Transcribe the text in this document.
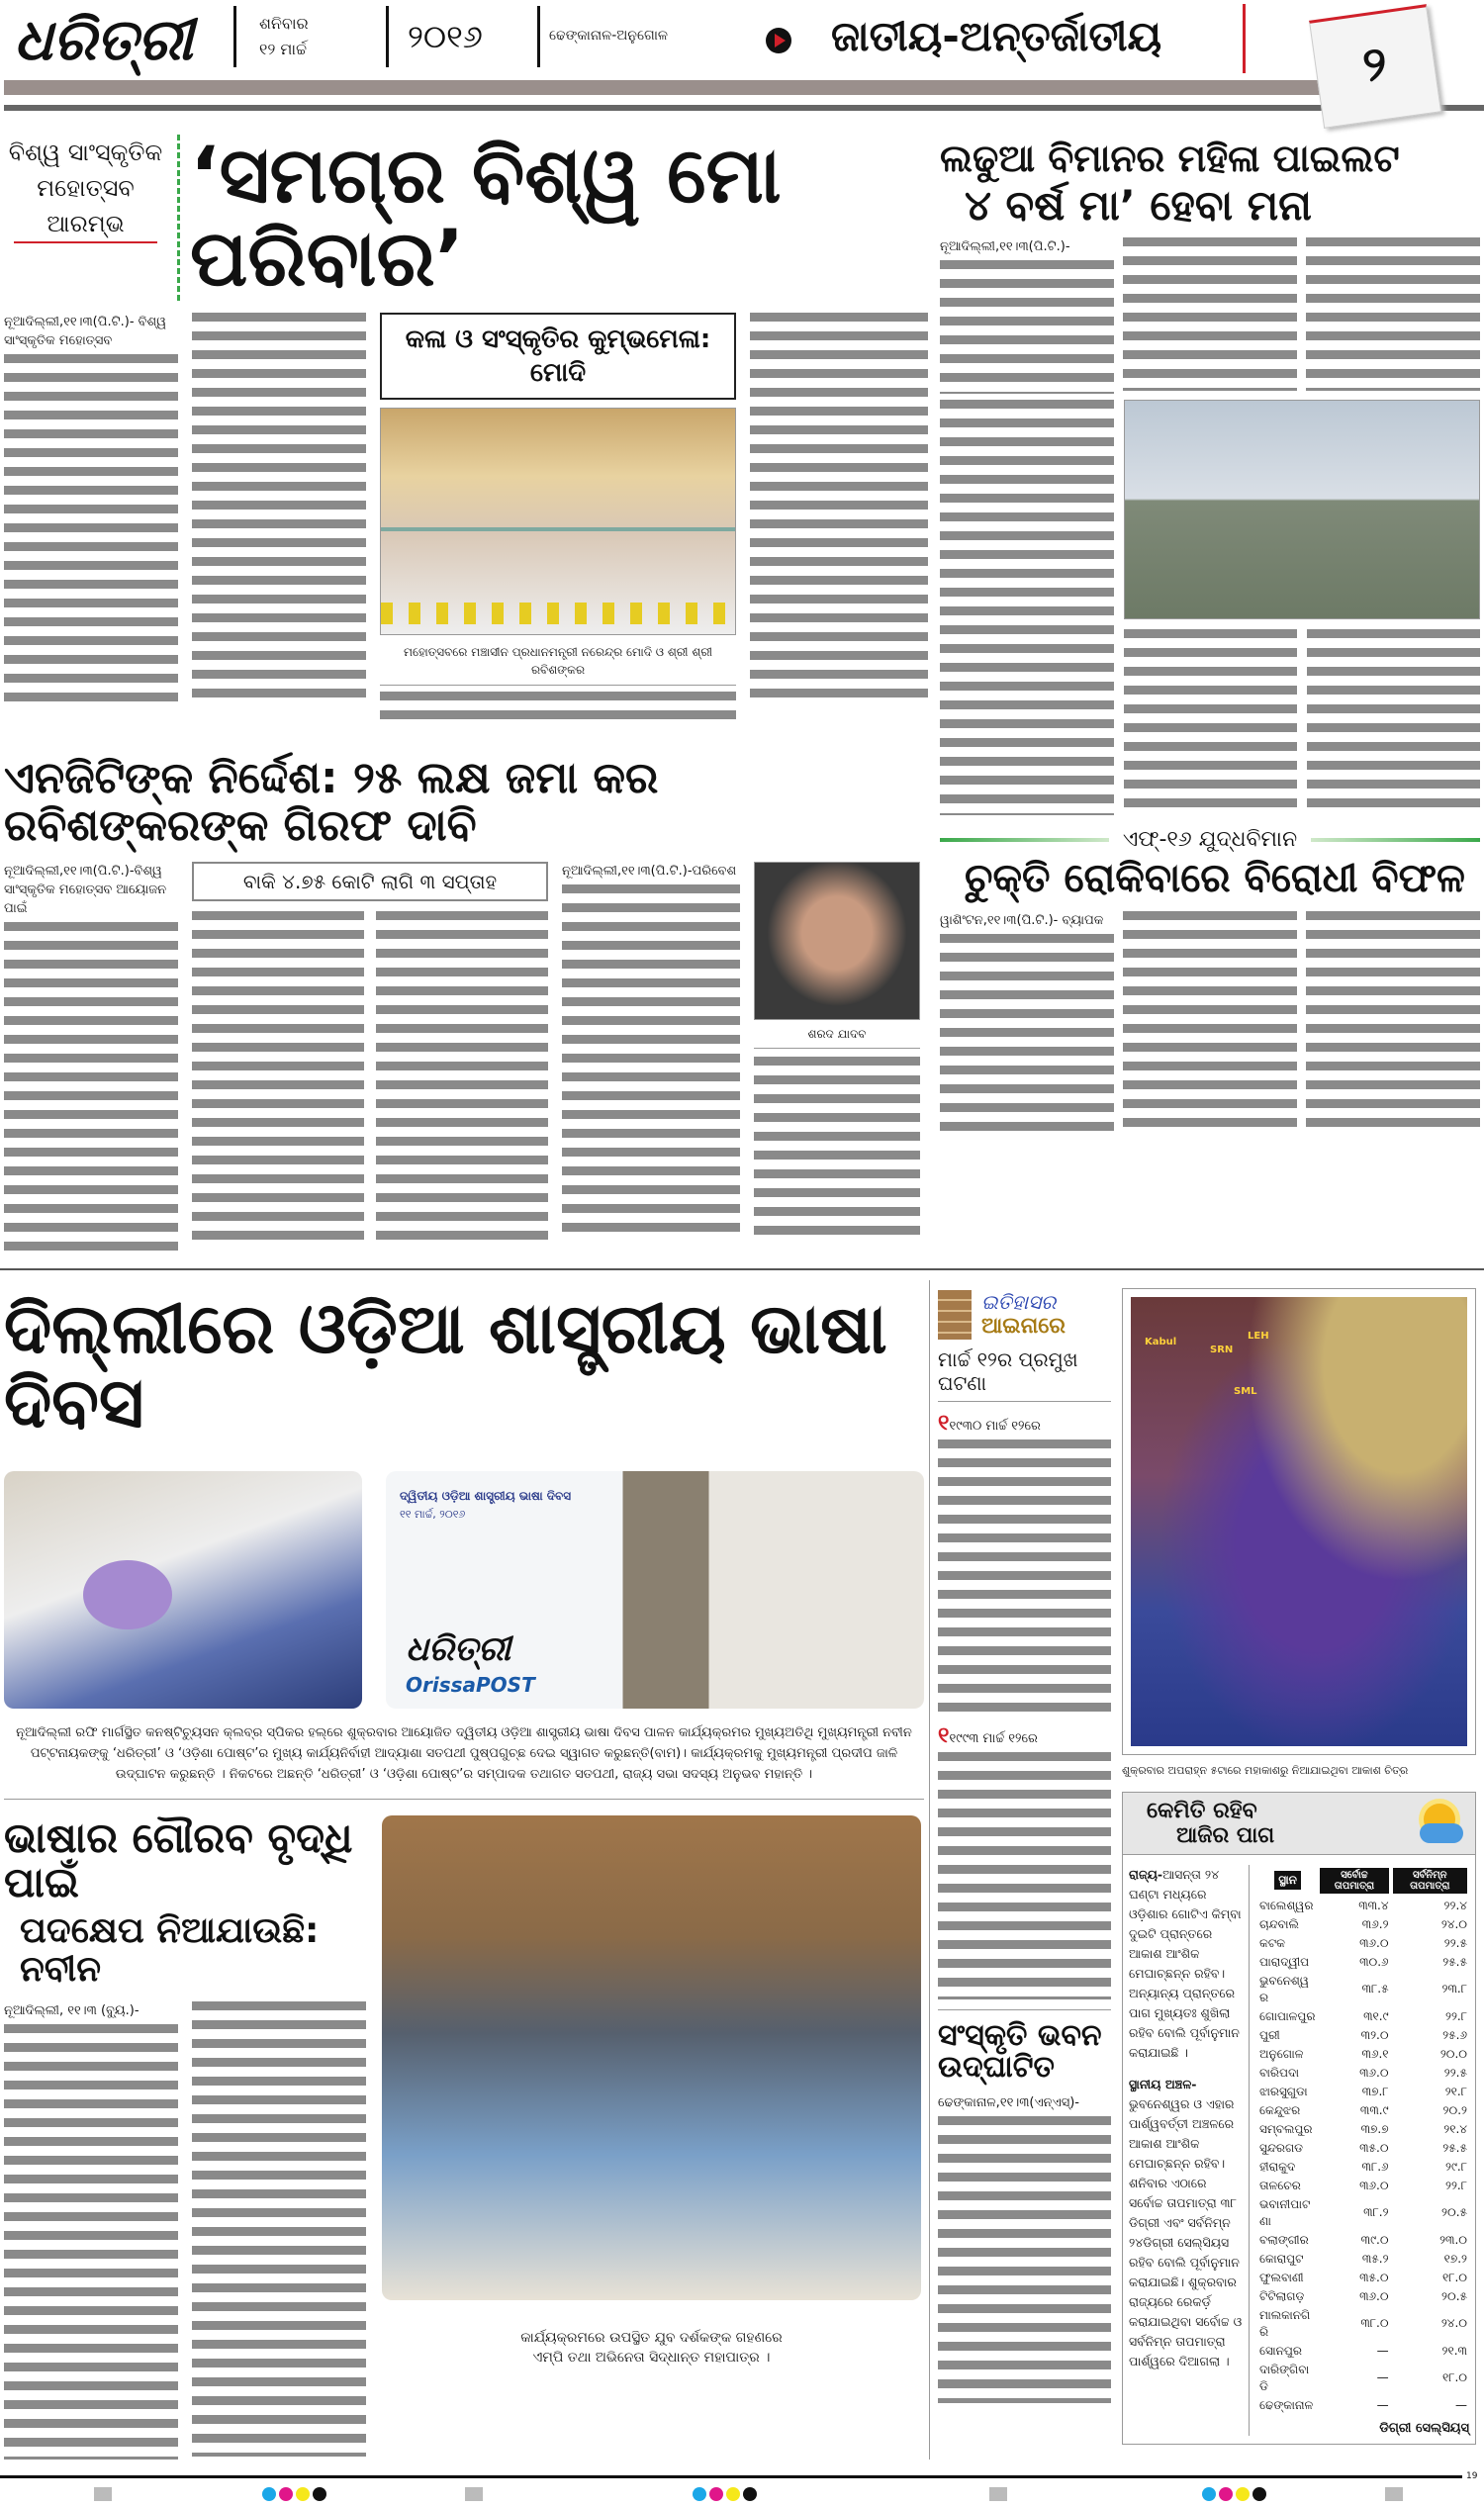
ଧରିତ୍ରୀ	ଶନିବାର
୧୨ ମାର୍ଚ୍ଚ	୨୦୧୬	ଢେଙ୍କାନାଳ-ଅନୁଗୋଳ	ଜାତୀୟ-ଅନ୍ତର୍ଜାତୀୟ	୨
ବିଶ୍ୱ ସାଂସ୍କୃତିକ ମହୋତ୍ସବ ଆରମ୍ଭ
‘ସମଗ୍ର ବିଶ୍ୱ ମୋ ପରିବାର’
ନୂଆଦିଲ୍ଲୀ,୧୧।୩(ପି.ଟି.)- ବିଶ୍ୱ ସାଂସ୍କୃତିକ ମହୋତ୍ସବ	କଳା ଓ ସଂସ୍କୃତିର କୁମ୍ଭମେଳା: ମୋଦି
ମହୋତ୍ସବରେ ମଞ୍ଚାସୀନ ପ୍ରଧାନମନ୍ତ୍ରୀ ନରେନ୍ଦ୍ର ମୋଦି ଓ ଶ୍ରୀ ଶ୍ରୀ ରବିଶଙ୍କର
ଏନଜିଟିଙ୍କ ନିର୍ଦ୍ଦେଶ: ୨୫ ଲକ୍ଷ ଜମା କର ରବିଶଙ୍କରଙ୍କ ଗିରଫ ଦାବି
ନୂଆଦିଲ୍ଲୀ,୧୧।୩(ପି.ଟି.)-ବିଶ୍ୱ ସାଂସ୍କୃତିକ ମହୋତ୍ସବ ଆୟୋଜନ ପାଇଁ
ବାକି ୪.୭୫ କୋଟି ଲାଗି ୩ ସପ୍ତାହ	ନୂଆଦିଲ୍ଲୀ,୧୧।୩(ପି.ଟି.)-ପରିବେଶ
ଶରଦ ଯାଦବ
ଲଢୁଆ ବିମାନର ମହିଳା ପାଇଲଟ
୪ ବର୍ଷ ମା’ ହେବା ମନା
ନୂଆଦିଲ୍ଲୀ,୧୧।୩(ପି.ଟି.)-
ଏଫ୍-୧୬ ଯୁଦ୍ଧବିମାନ
ଚୁକ୍ତି ରୋକିବାରେ ବିରୋଧୀ ବିଫଳ
ୱାଶିଂଟନ,୧୧।୩(ପି.ଟି.)- ବ୍ୟାପକ
ଦିଲ୍ଲୀରେ ଓଡ଼ିଆ ଶାସ୍ତ୍ରୀୟ ଭାଷା ଦିବସ
ଦ୍ୱିତୀୟ ଓଡ଼ିଆ ଶାସ୍ତ୍ରୀୟ ଭାଷା ଦିବସ
୧୧ ମାର୍ଚ୍ଚ, ୨୦୧୬
ଧରିତ୍ରୀ
OrissaPOST
ନୂଆଦିଲ୍ଲୀ ରଫି ମାର୍ଗସ୍ଥିତ କନଷ୍ଟିଚ୍ୟୁସନ କ୍ଲବ୍‌ର ସ୍ପିକର ହଲ୍‌ରେ ଶୁକ୍ରବାର ଆୟୋଜିତ ଦ୍ୱିତୀୟ ଓଡ଼ିଆ ଶାସ୍ତ୍ରୀୟ ଭାଷା ଦିବସ ପାଳନ କାର୍ଯ୍ୟକ୍ରମର ମୁଖ୍ୟଅତିଥି ମୁଖ୍ୟମନ୍ତ୍ରୀ ନବୀନ ପଟ୍ଟନାୟକଙ୍କୁ ‘ଧରିତ୍ରୀ’ ଓ ‘ଓଡ଼ିଶା ପୋଷ୍ଟ’ର ମୁଖ୍ୟ କାର୍ଯ୍ୟନିର୍ବାହୀ ଆଦ୍ୟାଶା ସତପଥୀ ପୁଷ୍ପଗୁଚ୍ଛ ଦେଇ ସ୍ୱାଗତ କରୁଛନ୍ତି(ବାମ)। କାର୍ଯ୍ୟକ୍ରମକୁ ମୁଖ୍ୟମନ୍ତ୍ରୀ ପ୍ରଦୀପ ଜାଳି ଉଦ୍‌ଘାଟନ କରୁଛନ୍ତି । ନିକଟରେ ଅଛନ୍ତି ‘ଧରିତ୍ରୀ’ ଓ ‘ଓଡ଼ିଶା ପୋଷ୍ଟ’ର ସମ୍ପାଦକ ତଥାଗତ ସତପଥୀ, ରାଜ୍ୟ ସଭା ସଦସ୍ୟ ଅନୁଭବ ମହାନ୍ତି ।
ଭାଷାର ଗୌରବ ବୃଦ୍ଧି ପାଇଁ
ପଦକ୍ଷେପ ନିଆଯାଉଛି: ନବୀନ
ନୂଆଦିଲ୍ଲୀ, ୧୧।୩ (ବ୍ୟୁ.)-
କାର୍ଯ୍ୟକ୍ରମରେ ଉପସ୍ଥିତ ଯୁବ ଦର୍ଶକଙ୍କ ଗହଣରେ
ଏମ୍‌ପି ତଥା ଅଭିନେତା ସିଦ୍ଧାନ୍ତ ମହାପାତ୍ର ।
ଇତିହାସର
ଆଇନାରେ
ମାର୍ଚ୍ଚ ୧୨ର ପ୍ରମୁଖ ଘଟଣା
୧୧୯୩୦ ମାର୍ଚ୍ଚ ୧୨ରେ
୧୧୯୯୩ ମାର୍ଚ୍ଚ ୧୨ରେ
ସଂସ୍କୃତି ଭବନ
ଉଦ୍‌ଘାଟିତ
ଢେଙ୍କାନାଳ,୧୧।୩(ଏନ୍‌ଏସ୍)-
Kabul
SRN
LEH
SML
ଶୁକ୍ରବାର ଅପରାହ୍ନ ୫ଟାରେ ମହାକାଶରୁ ନିଆଯାଇଥିବା ଆକାଶ ଚିତ୍ର
କେମିତି ରହିବ
ଆଜିର ପାଗ
ରାଜ୍ୟ-ଆସନ୍ତା ୨୪ ଘଣ୍ଟା ମଧ୍ୟରେ ଓଡ଼ିଶାର ଗୋଟିଏ କିମ୍ବା ଦୁଇଟି ପ୍ରାନ୍ତରେ ଆକାଶ ଆଂଶିକ ମେଘାଚ୍ଛନ୍ନ ରହିବ। ଅନ୍ୟାନ୍ୟ ପ୍ରାନ୍ତରେ ପାଗ ମୁଖ୍ୟତଃ ଶୁଖିଲା ରହିବ ବୋଲି ପୂର୍ବାନୁମାନ କରାଯାଇଛି ।
ସ୍ଥାନୀୟ ଅଞ୍ଚଳ-ଭୁବନେଶ୍ୱର ଓ ଏହାର ପାର୍ଶ୍ୱବର୍ତ୍ତୀ ଅଞ୍ଚଳରେ ଆକାଶ ଆଂଶିକ ମେଘାଚ୍ଛନ୍ନ ରହିବ। ଶନିବାର ଏଠାରେ ସର୍ବୋଚ୍ଚ ତାପମାତ୍ରା ୩୮ ଡିଗ୍ରୀ ଏବଂ ସର୍ବନିମ୍ନ ୨୪ଡିଗ୍ରୀ ସେଲ୍‌ସିୟସ ରହିବ ବୋଲି ପୂର୍ବାନୁମାନ କରାଯାଇଛି। ଶୁକ୍ରବାର ରାଜ୍ୟରେ ରେକର୍ଡ଼ କରାଯାଇଥିବା ସର୍ବୋଚ୍ଚ ଓ ସର୍ବନିମ୍ନ ତାପମାତ୍ରା ପାର୍ଶ୍ୱରେ ଦିଆଗଲା ।
ସ୍ଥାନ	ସର୍ବୋଚ୍ଚ ତାପମାତ୍ରା	ସର୍ବନିମ୍ନ ତାପମାତ୍ରା
ବାଲେଶ୍ୱର	୩୩.୪	୨୨.୪
ଚାନ୍ଦବାଲି	୩୬.୨	୨୪.୦
କଟକ	୩୬.୦	୨୨.୫
ପାରାଦ୍ୱୀପ	୩୦.୬	୨୫.୫
ଭୁବନେଶ୍ୱର	୩୮.୫	୨୩.୮
ଗୋପାଳପୁର	୩୧.୯	୨୨.୮
ପୁରୀ	୩୨.୦	୨୫.୬
ଅନୁଗୋଳ	୩୬.୧	୨୦.୦
ବାରିପଦା	୩୬.୦	୨୨.୫
ଝାରସୁଗୁଡା	୩୭.୮	୨୧.୮
କେନ୍ଦୁଝର	୩୩.୯	୨୦.୨
ସମ୍ବଲପୁର	୩୭.୭	୨୧.୪
ସୁନ୍ଦରଗଡ	୩୫.୦	୨୫.୫
ହୀରାକୁଦ	୩୮.୬	୨୯.୮
ତାଳଚେର	୩୬.୦	୨୨.୮
ଭବାନୀପାଟଣା	୩୮.୨	୨୦.୫
ବଲାଙ୍ଗୀର	୩୯.୦	୨୩.୦
କୋରାପୁଟ	୩୫.୨	୧୭.୨
ଫୁଲବାଣୀ	୩୫.୦	୧୮.୦
ଟିଟିଲାଗଡ଼	୩୬.୦	୨୦.୫
ମାଲକାନଗିରି	୩୮.୦	୨୪.୦
ସୋନପୁର	—	୨୧.୩
ଦାରିଙ୍ଗିବାଡି	—	୧୮.୦
ଢେଙ୍କାନାଳ	—	—
ଡିଗ୍ରୀ ସେଲ୍‌ସିୟସ୍
19
